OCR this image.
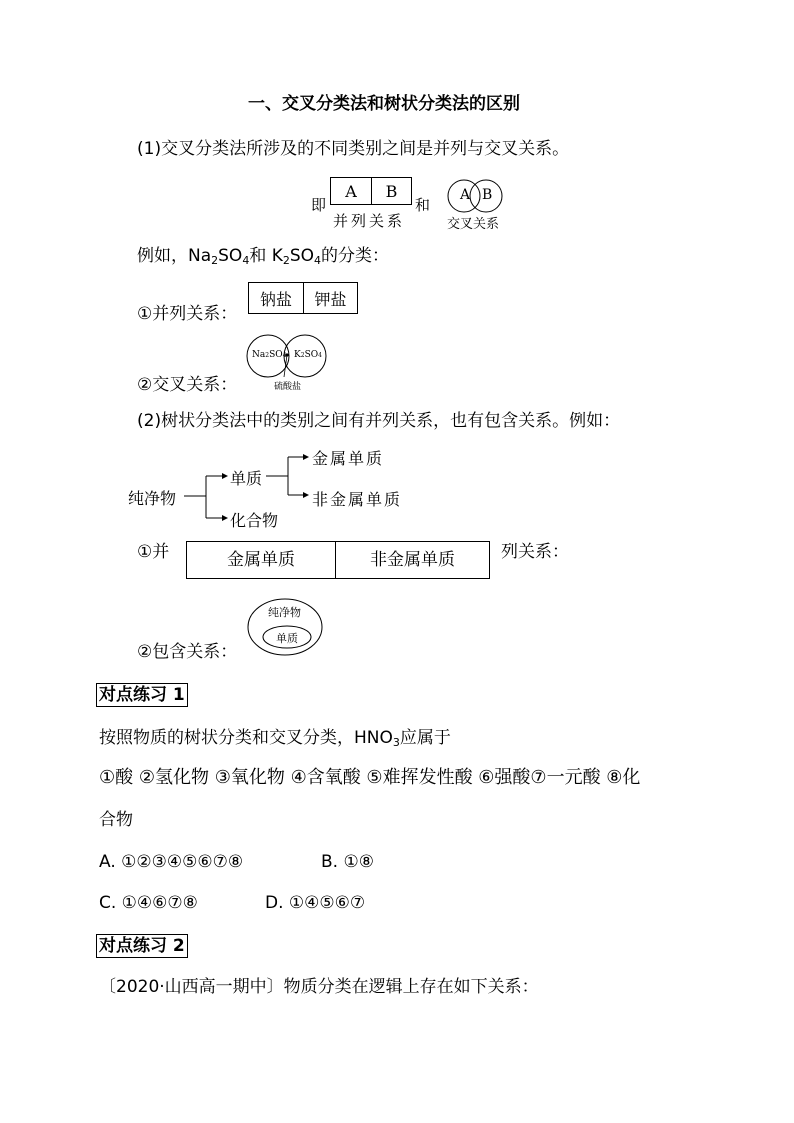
一、交叉分类法和树状分类法的区别
(1)交叉分类法所涉及的不同类别之间是并列与交叉关系。
即
A	B
并列关系
和
A B
交叉关系
例如，$Na_2SO_4$和 $K_2SO_4$的分类：
①并列关系：
钠盐	钾盐
②交叉关系：
Na2SO4 K2SO4
硫酸盐
(2)树状分类法中的类别之间有并列关系，也有包含关系。例如：
纯净物
单质
化合物
金属单质
非金属单质
①并	金属单质	非金属单质	列关系：
②包含关系：
纯净物
单质
对点练习 1
按照物质的树状分类和交叉分类，$HNO_3$应属于
①酸 ②氢化物 ③氧化物 ④含氧酸 ⑤难挥发性酸 ⑥强酸⑦一元酸 ⑧化
合物
A. ①②③④⑤⑥⑦⑧	B. ①⑧
C. ①④⑥⑦⑧	D. ①④⑤⑥⑦
对点练习 2
〔2020·山西高一期中〕物质分类在逻辑上存在如下关系：
